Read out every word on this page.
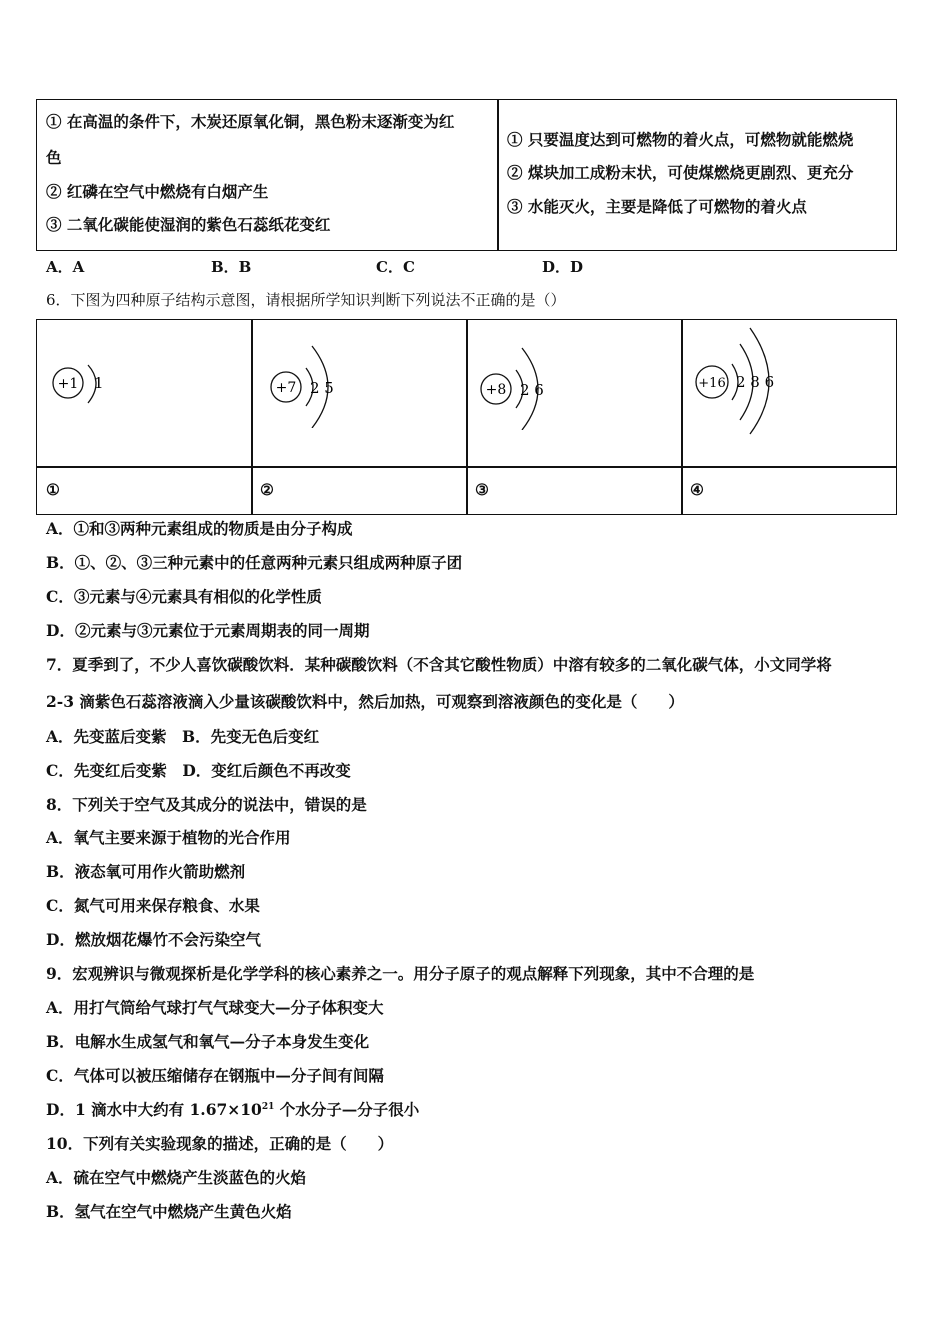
① 在高温的条件下，木炭还原氧化铜，黑色粉末逐渐变为红
色
② 红磷在空气中燃烧有白烟产生
③ 二氧化碳能使湿润的紫色石蕊纸花变红
① 只要温度达到可燃物的着火点，可燃物就能燃烧
② 煤块加工成粉末状，可使煤燃烧更剧烈、更充分
③ 水能灭火，主要是降低了可燃物的着火点
A．A	B．B	C．C	D．D
6．下图为四种原子结构示意图，请根据所学知识判断下列说法不正确的是（）
+1 1	+7 2 5	+8 2 6	+16 2 8 6
①	②	③	④
A．①和③两种元素组成的物质是由分子构成
B．①、②、③三种元素中的任意两种元素只组成两种原子团
C．③元素与④元素具有相似的化学性质
D．②元素与③元素位于元素周期表的同一周期
7．夏季到了，不少人喜饮碳酸饮料．某种碳酸饮料（不含其它酸性物质）中溶有较多的二氧化碳气体，小文同学将
2-3 滴紫色石蕊溶液滴入少量该碳酸饮料中，然后加热，可观察到溶液颜色的变化是（　　）
A．先变蓝后变紫　B．先变无色后变红
C．先变红后变紫　D．变红后颜色不再改变
8．下列关于空气及其成分的说法中，错误的是
A．氧气主要来源于植物的光合作用
B．液态氧可用作火箭助燃剂
C．氮气可用来保存粮食、水果
D．燃放烟花爆竹不会污染空气
9．宏观辨识与微观探析是化学学科的核心素养之一。用分子原子的观点解释下列现象，其中不合理的是
A．用打气筒给气球打气气球变大—分子体积变大
B．电解水生成氢气和氧气—分子本身发生变化
C．气体可以被压缩储存在钢瓶中—分子间有间隔
D．1 滴水中大约有 $1.67\times 10^{21}$ 个水分子—分子很小
10．下列有关实验现象的描述，正确的是（　　）
A．硫在空气中燃烧产生淡蓝色的火焰
B．氢气在空气中燃烧产生黄色火焰
